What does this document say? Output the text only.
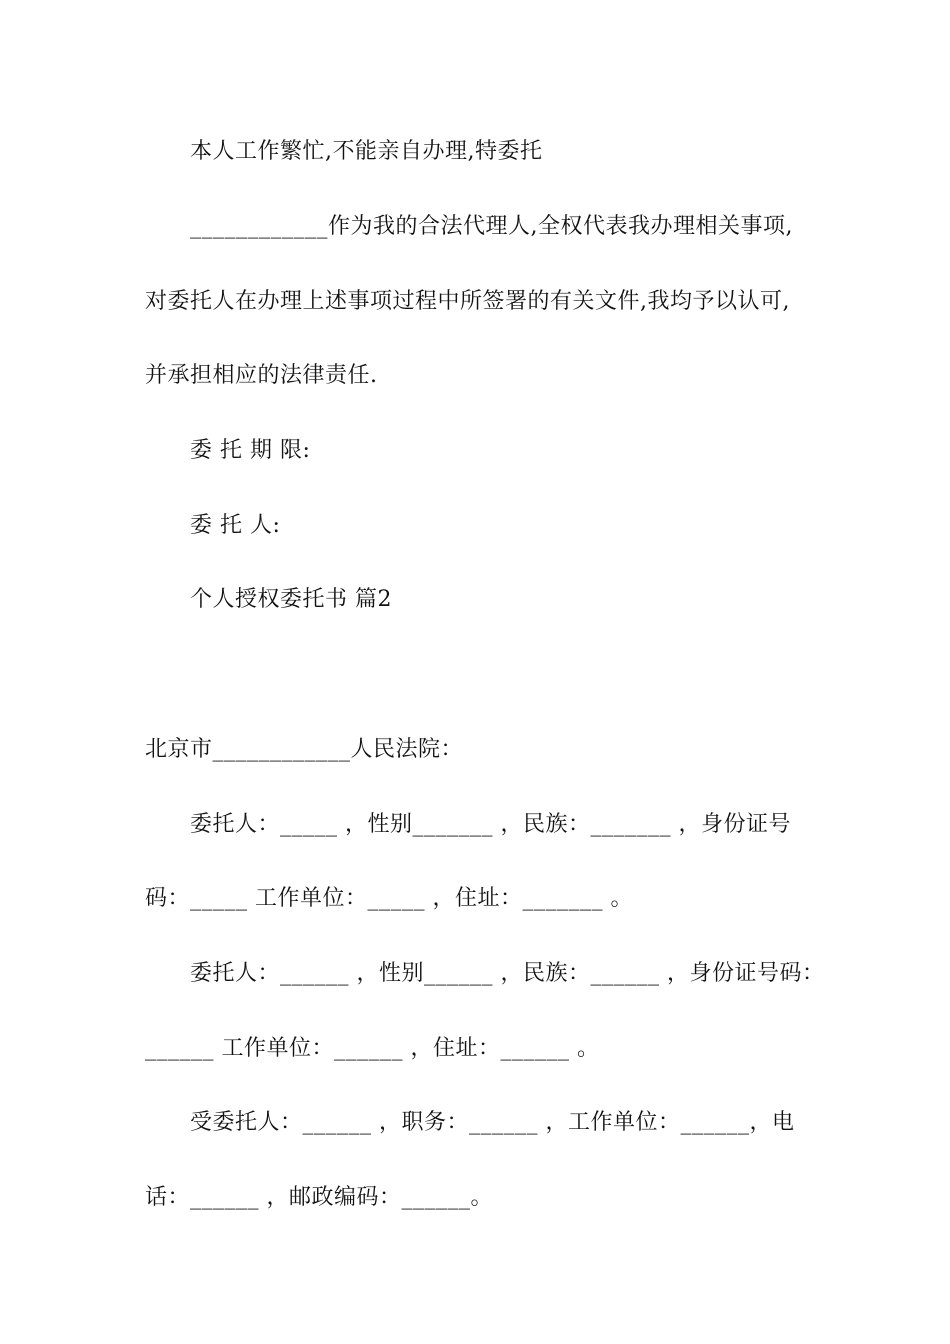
本人工作繁忙,不能亲自办理,特委托
____________作为我的合法代理人,全权代表我办理相关事项,
对委托人在办理上述事项过程中所签署的有关文件,我均予以认可,
并承担相应的法律责任.
委 托 期 限:
委 托 人:
个人授权委托书 篇2
北京市____________人民法院：
委托人：_____ ，性别_______ ，民族：_______ ，身份证号
码：_____ 工作单位：_____ ，住址：_______ 。
委托人：______ ，性别______ ，民族：______ ，身份证号码：
______ 工作单位：______ ，住址：______ 。
受委托人：______ ，职务：______ ，工作单位：______，电
话：______ ，邮政编码：______。
